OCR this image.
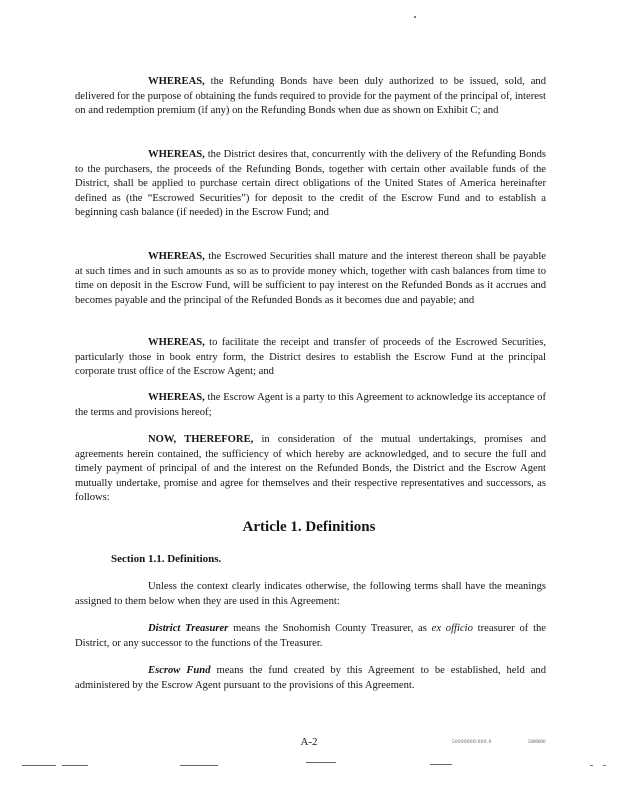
WHEREAS, the Refunding Bonds have been duly authorized to be issued, sold, and delivered for the purpose of obtaining the funds required to provide for the payment of the principal of, interest on and redemption premium (if any) on the Refunding Bonds when due as shown on Exhibit C; and

WHEREAS, the District desires that, concurrently with the delivery of the Refunding Bonds to the purchasers, the proceeds of the Refunding Bonds, together with certain other available funds of the District, shall be applied to purchase certain direct obligations of the United States of America hereinafter defined as (the “Escrowed Securities”) for deposit to the credit of the Escrow Fund and to establish a beginning cash balance (if needed) in the Escrow Fund; and

WHEREAS, the Escrowed Securities shall mature and the interest thereon shall be payable at such times and in such amounts as so as to provide money which, together with cash balances from time to time on deposit in the Escrow Fund, will be sufficient to pay interest on the Refunded Bonds as it accrues and becomes payable and the principal of the Refunded Bonds as it becomes due and payable; and

WHEREAS, to facilitate the receipt and transfer of proceeds of the Escrowed Securities, particularly those in book entry form, the District desires to establish the Escrow Fund at the principal corporate trust office of the Escrow Agent; and

WHEREAS, the Escrow Agent is a party to this Agreement to acknowledge its acceptance of the terms and provisions hereof;

NOW, THEREFORE, in consideration of the mutual undertakings, promises and agreements herein contained, the sufficiency of which hereby are acknowledged, and to secure the full and timely payment of principal of and the interest on the Refunded Bonds, the District and the Escrow Agent mutually undertake, promise and agree for themselves and their respective representatives and successors, as follows:

Article 1. Definitions
Section 1.1. Definitions.

Unless the context clearly indicates otherwise, the following terms shall have the meanings assigned to them below when they are used in this Agreement:

District Treasurer means the Snohomish County Treasurer, as ex officio treasurer of the District, or any successor to the functions of the Treasurer.

Escrow Fund means the fund created by this Agreement to be established, held and administered by the Escrow Agent pursuant to the provisions of this Agreement.

A-2	50000000/000.0	5000000
